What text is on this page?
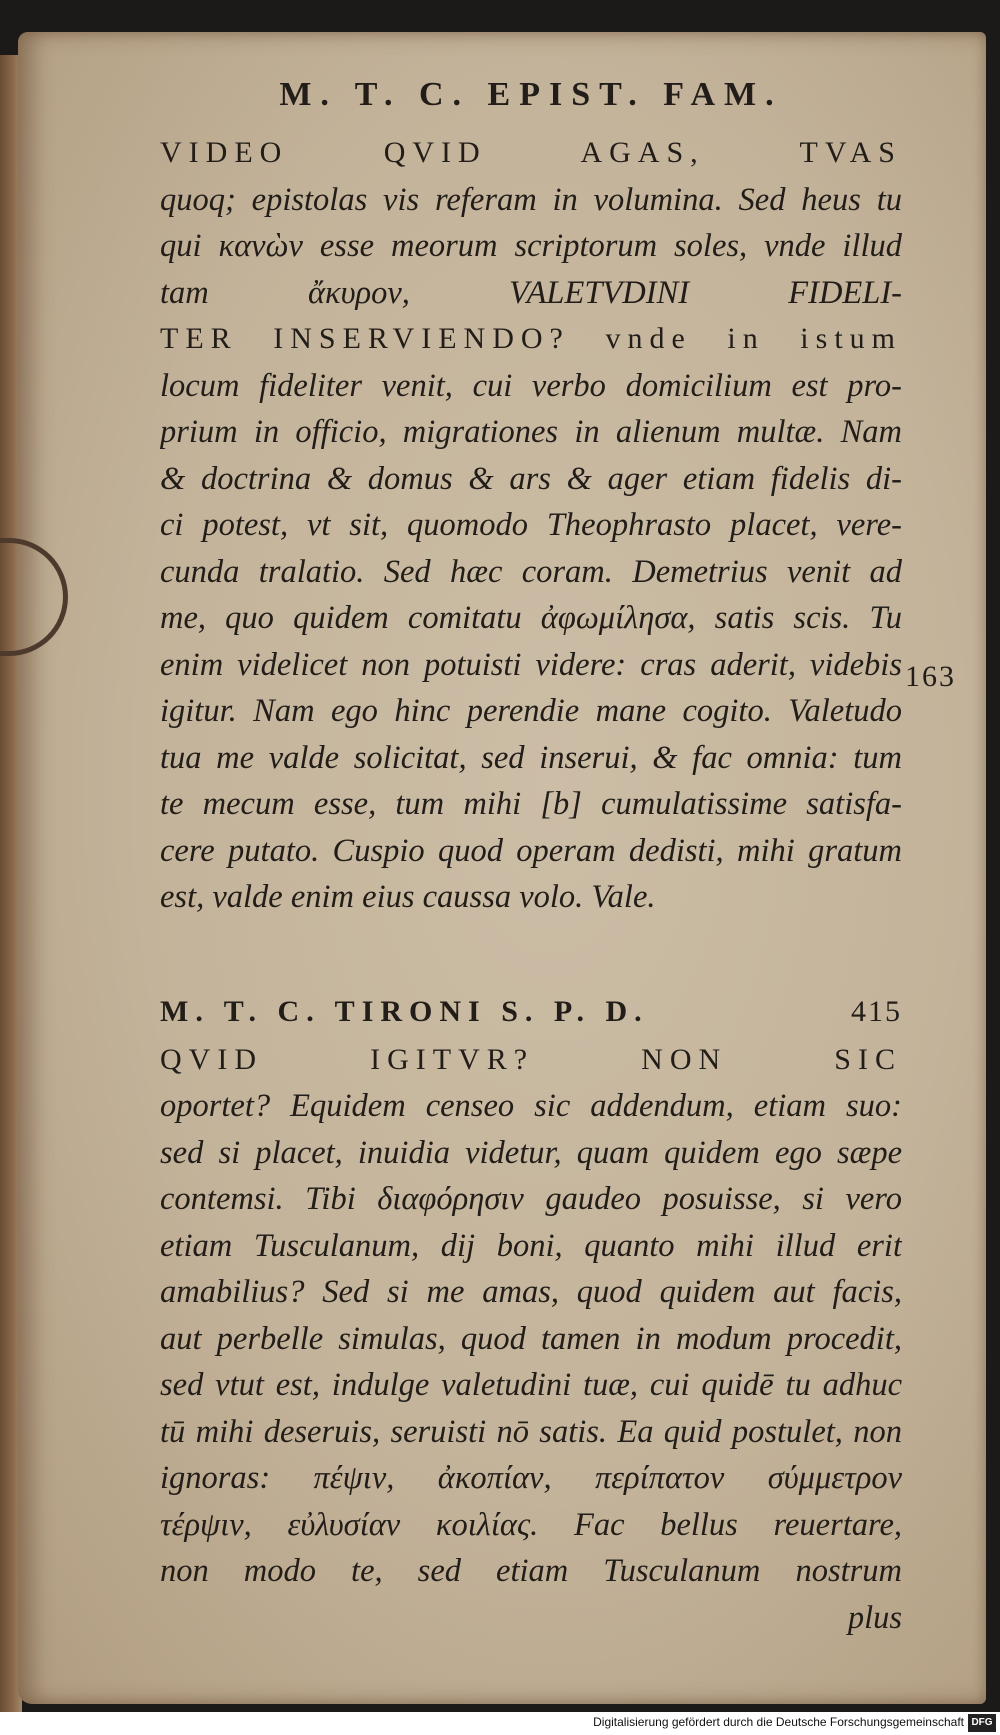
M. T. C. EPIST. FAM.
VIDEO QVID AGAS, TVAS
quoq; epistolas vis referam in volumina. Sed heus tu
qui κανὼν esse meorum scriptorum soles, vnde illud
tam ἄκυρον, VALETVDINI FIDELI-
TER INSERVIENDO? vnde in istum
locum fideliter venit, cui verbo domicilium est pro-
prium in officio, migrationes in alienum multæ. Nam
& doctrina & domus & ars & ager etiam fidelis di-
ci potest, vt sit, quomodo Theophrasto placet, vere-
cunda tralatio. Sed hæc coram. Demetrius venit ad
me, quo quidem comitatu ἀφωμίλησα, satis scis. Tu
enim videlicet non potuisti videre: cras aderit, videbis
igitur. Nam ego hinc perendie mane cogito. Valetudo
tua me valde solicitat, sed inserui, & fac omnia: tum
te mecum esse, tum mihi [b] cumulatissime satisfa-
cere putato. Cuspio quod operam dedisti, mihi gratum
est, valde enim eius caussa volo. Vale.
M. T. C. TIRONI S. P. D.	415
QVID IGITVR? NON SIC
oportet? Equidem censeo sic addendum, etiam suo:
sed si placet, inuidia videtur, quam quidem ego sæpe
contemsi. Tibi διαφόρησιν gaudeo posuisse, si vero
etiam Tusculanum, dij boni, quanto mihi illud erit
amabilius? Sed si me amas, quod quidem aut facis,
aut perbelle simulas, quod tamen in modum procedit,
sed vtut est, indulge valetudini tuæ, cui quidē tu adhuc
tū mihi deseruis, seruisti nō satis. Ea quid postulet, non
ignoras: πέψιν, ἀκοπίαν, περίπατον σύμμετρον
τέρψιν, εὐλυσίαν κοιλίας. Fac bellus reuertare,
non modo te, sed etiam Tusculanum nostrum
plus
163
Digitalisierung gefördert durch die Deutsche Forschungsgemeinschaft DFG
